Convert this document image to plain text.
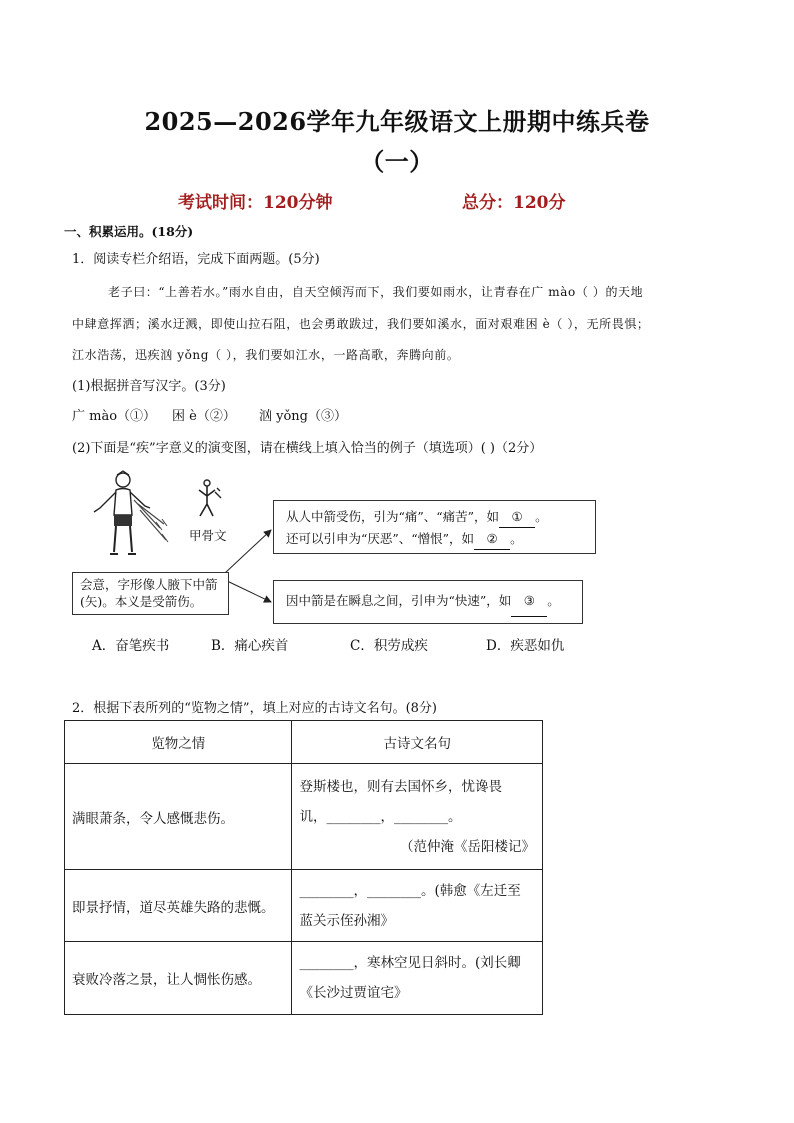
2025—2026学年九年级语文上册期中练兵卷
（一）
考试时间：120分钟	总分：120分
一、积累运用。(18分)
1．阅读专栏介绍语，完成下面两题。(5分)
老子曰：“上善若水。”雨水自由，自天空倾泻而下，我们要如雨水，让青春在广 mào（ ）的天地
中肆意挥洒；溪水迂溅，即使山拉石阻，也会勇敢跋过，我们要如溪水，面对艰难困 è（ ），无所畏惧；
江水浩荡，迅疾汹 yǒng（ ），我们要如江水，一路高歌，奔腾向前。
(1)根据拼音写汉字。(3分)
广 mào（①） 困 è（②） 汹 yǒng（③）
(2)下面是“疾”字意义的演变图，请在横线上填入恰当的例子（填选项）( )（2分）
甲骨文
会意，字形像人腋下中箭(矢)。本义是受箭伤。
从人中箭受伤，引为“痛”、“痛苦”，如 ① 。
还可以引申为“厌恶”、“憎恨”，如 ② 。
因中箭是在瞬息之间，引申为“快速”，如 ③ 。
A．奋笔疾书	B．痛心疾首	C．积劳成疾	D．疾恶如仇
2．根据下表所列的“览物之情”，填上对应的古诗文名句。(8分)
览物之情	古诗文名句
满眼萧条，令人感慨悲伤。	登斯楼也，则有去国怀乡，忧谗畏
讥，________，________。
（范仲淹《岳阳楼记》

即景抒情，道尽英雄失路的悲慨。	________，________。(韩愈《左迁至
蓝关示侄孙湘》

衰败冷落之景，让人惆怅伤感。	________，寒林空见日斜时。(刘长卿
《长沙过贾谊宅》
